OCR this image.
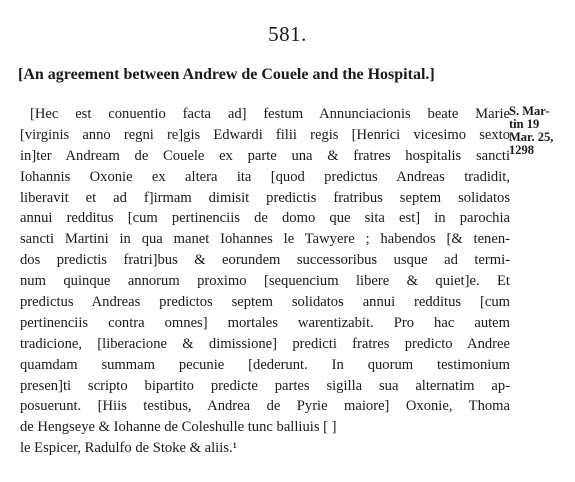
581.
[An agreement between Andrew de Couele and the Hospital.]
[Hec est conuentio facta ad] festum Annunciacionis beate Marie
[virginis anno regni re]gis Edwardi filii regis [Henrici vicesimo sexto
in]ter Andream de Couele ex parte una & fratres hospitalis sancti
Iohannis Oxonie ex altera ita [quod predictus Andreas tradidit,
liberavit et ad f]irmam dimisit predictis fratribus septem solidatos
annui redditus [cum pertinenciis de domo que sita est] in parochia
sancti Martini in qua manet Iohannes le Tawyere ; habendos [& tenen-
dos predictis fratri]bus & eorundem successoribus usque ad termi-
num quinque annorum proximo [sequencium libere & quiet]e. Et
predictus Andreas predictos septem solidatos annui redditus [cum
pertinenciis contra omnes] mortales warentizabit. Pro hac autem
tradicione, [liberacione & dimissione] predicti fratres predicto Andree
quamdam summam pecunie [dederunt. In quorum testimonium
presen]ti scripto bipartito predicte partes sigilla sua alternatim ap-
posuerunt. [Hiis testibus, Andrea de Pyrie maiore] Oxonie, Thoma
de Hengseye & Iohanne de Coleshulle tunc balliuis [ ]
le Espicer, Radulfo de Stoke & aliis.¹
S. Mar-
tin 19
Mar. 25,
1298
